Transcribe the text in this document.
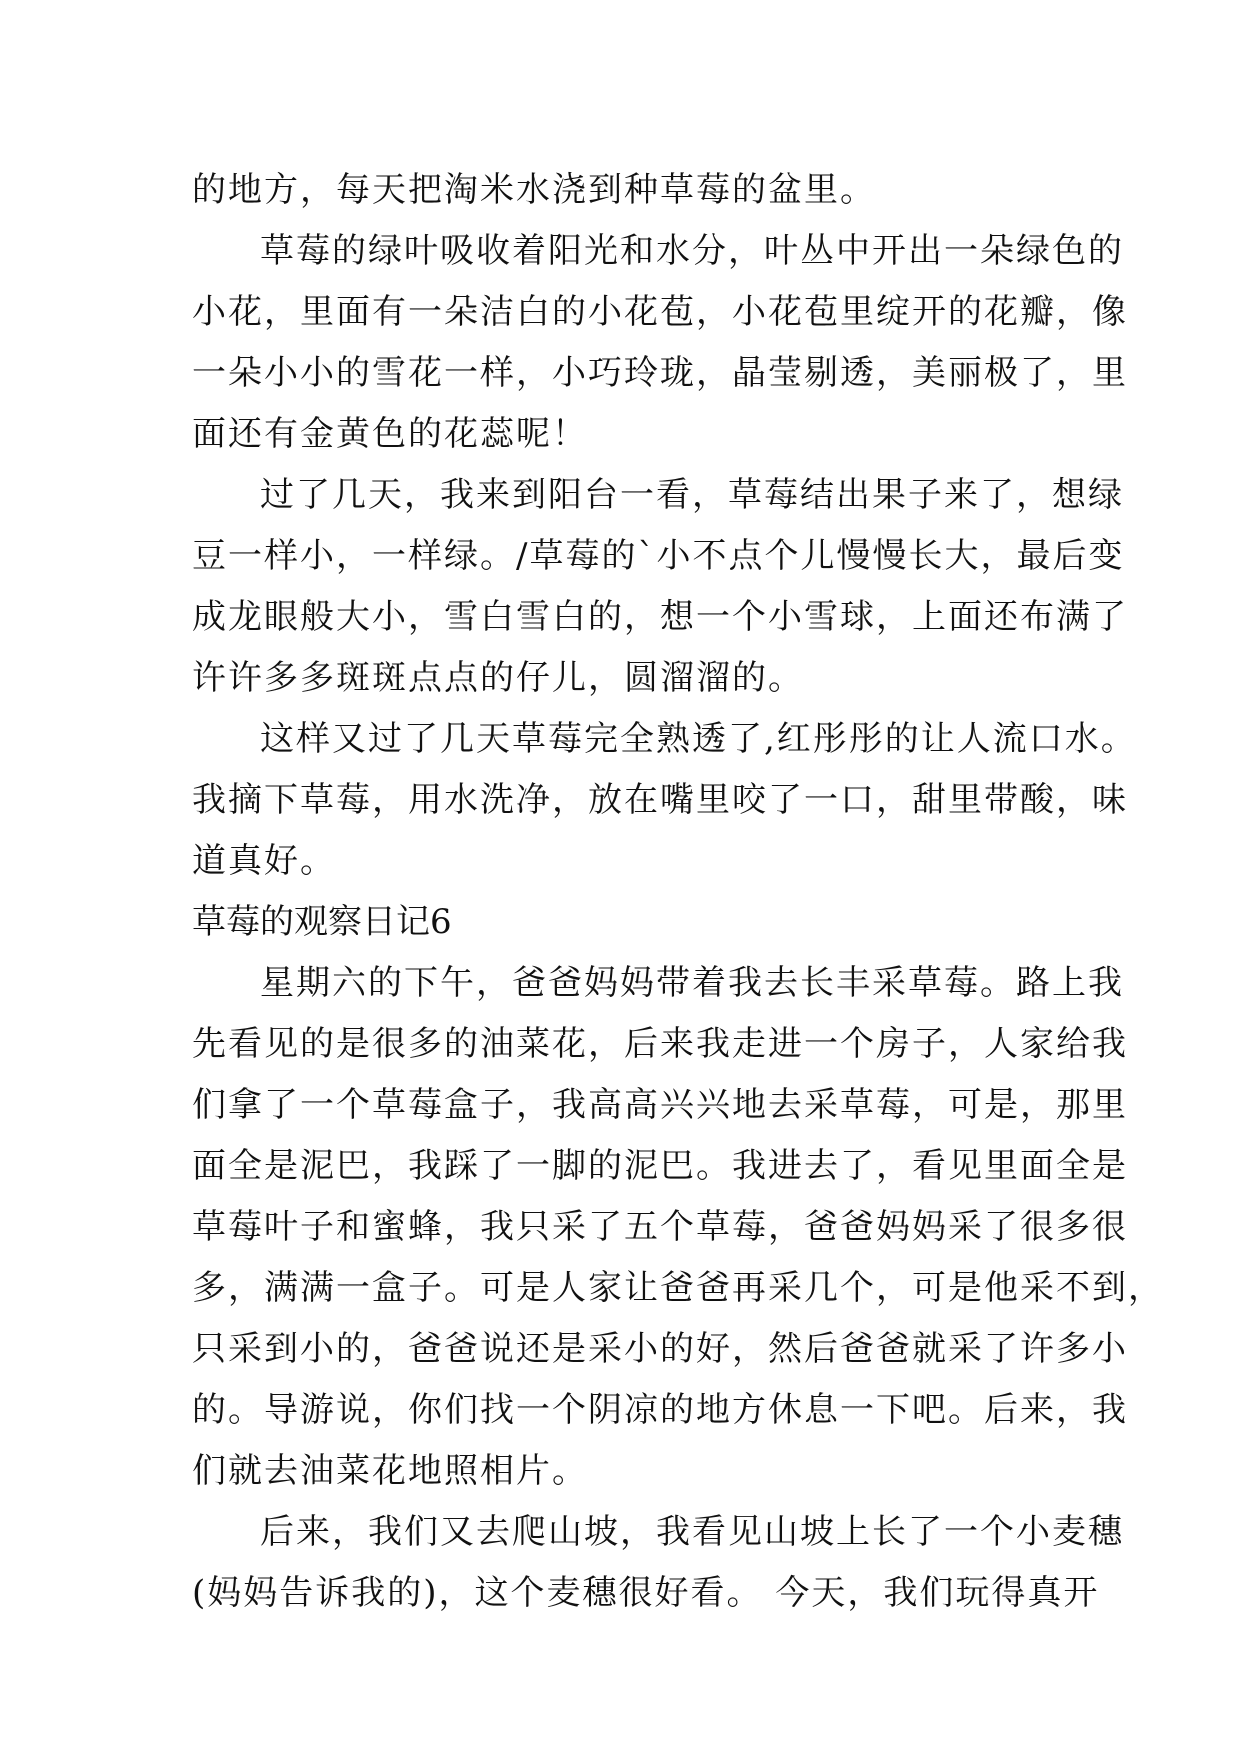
的地方，每天把淘米水浇到种草莓的盆里。
草莓的绿叶吸收着阳光和水分，叶丛中开出一朵绿色的
小花，里面有一朵洁白的小花苞，小花苞里绽开的花瓣，像
一朵小小的雪花一样，小巧玲珑，晶莹剔透，美丽极了，里
面还有金黄色的花蕊呢！
过了几天，我来到阳台一看，草莓结出果子来了，想绿
豆一样小，一样绿。/草莓的`小不点个儿慢慢长大，最后变
成龙眼般大小，雪白雪白的，想一个小雪球，上面还布满了
许许多多斑斑点点的仔儿，圆溜溜的。
这样又过了几天草莓完全熟透了,红彤彤的让人流口水。
我摘下草莓，用水洗净，放在嘴里咬了一口，甜里带酸，味
道真好。
草莓的观察日记6
星期六的下午，爸爸妈妈带着我去长丰采草莓。路上我
先看见的是很多的油菜花，后来我走进一个房子，人家给我
们拿了一个草莓盒子，我高高兴兴地去采草莓，可是，那里
面全是泥巴，我踩了一脚的泥巴。我进去了，看见里面全是
草莓叶子和蜜蜂，我只采了五个草莓，爸爸妈妈采了很多很
多，满满一盒子。可是人家让爸爸再采几个，可是他采不到，
只采到小的，爸爸说还是采小的好，然后爸爸就采了许多小
的。导游说，你们找一个阴凉的地方休息一下吧。后来，我
们就去油菜花地照相片。
后来，我们又去爬山坡，我看见山坡上长了一个小麦穗
(妈妈告诉我的)，这个麦穗很好看。 今天，我们玩得真开
